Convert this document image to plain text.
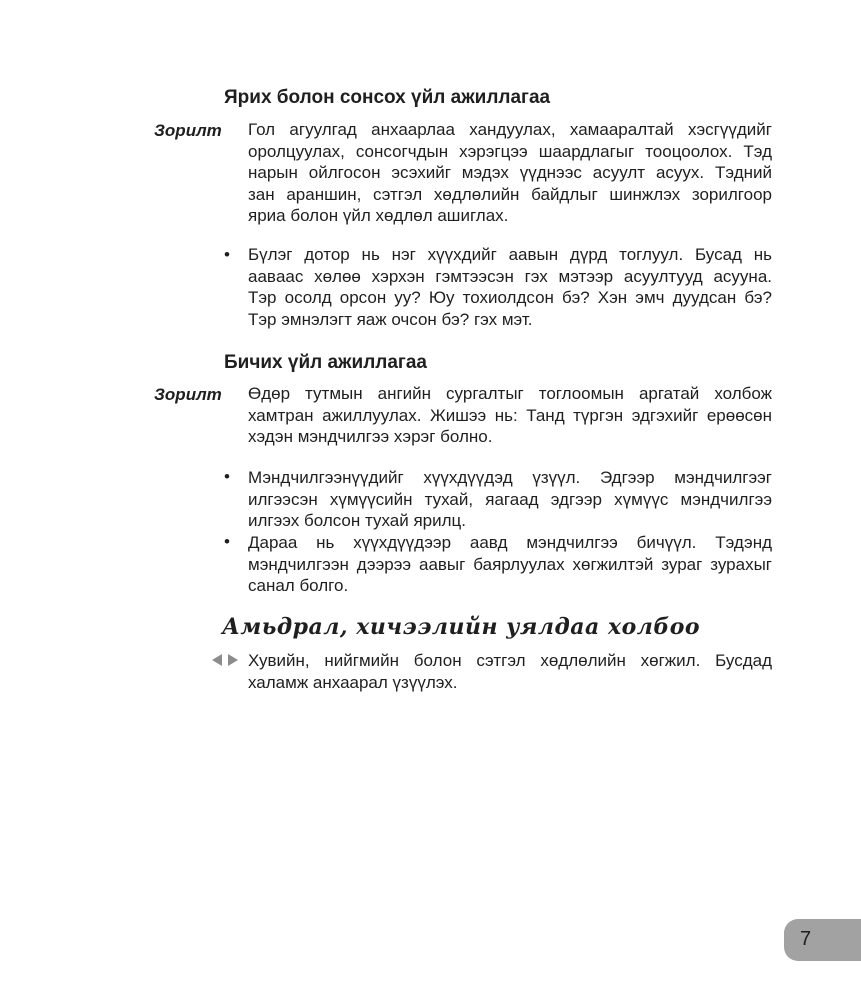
Ярих болон сонсох үйл ажиллагаа
Зорилт Гол агуулгад анхаарлаа хандуулах, хамааралтай хэсгүүдийг
оролцуулах, сонсогчдын хэрэгцээ шаардлагыг тооцоолох. Тэд
нарын ойлгосон эсэхийг мэдэх үүднээс асуулт асуух. Тэдний
зан араншин, сэтгэл хөдлөлийн байдлыг шинжлэх зорилгоор
яриа болон үйл хөдлөл ашиглах.
• Бүлэг дотор нь нэг хүүхдийг аавын дүрд тоглуул. Бусад нь
аавaас хөлөө хэрхэн гэмтээсэн гэх мэтээр асуултууд асууна.
Тэр осолд орсон уу? Юу тохиолдсон бэ? Хэн эмч дуудсан бэ?
Тэр эмнэлэгт яаж очсон бэ? гэх мэт.
Бичих үйл ажиллагаа
Зорилт Өдөр тутмын ангийн сургалтыг тоглоомын аргатай холбож
хамтран ажиллуулах. Жишээ нь: Танд түргэн эдгэхийг ерөөсөн
хэдэн мэндчилгээ хэрэг болно.
• Мэндчилгээнүүдийг хүүхдүүдэд үзүүл. Эдгээр мэндчилгээг
илгээсэн хүмүүсийн тухай, яагаад эдгээр хүмүүс мэндчилгээ
илгээх болсон тухай ярилц.
• Дараа нь хүүхдүүдээр аавд мэндчилгээ бичүүл. Тэдэнд
мэндчилгээн дээрээ аавыг баярлуулах хөгжилтэй зураг зурахыг
санал болго.
Амьдрал, хичээлийн уялдаа холбоо
Хувийн, нийгмийн болон сэтгэл хөдлөлийн хөгжил. Бусдад
халамж анхаарал үзүүлэх.
7
